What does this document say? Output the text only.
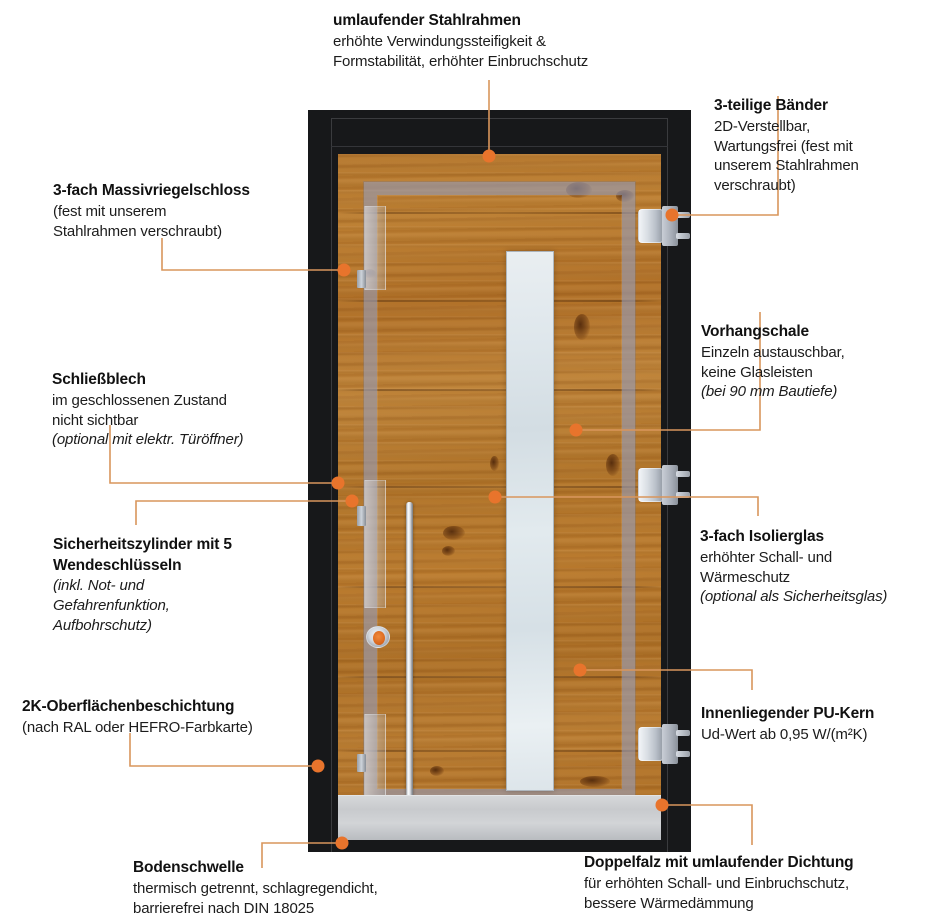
umlaufender Stahlrahmen
erhöhte Verwindungssteifigkeit &
Formstabilität, erhöhter Einbruchschutz
3-teilige Bänder
2D-Verstellbar,
Wartungsfrei (fest mit
unserem Stahlrahmen
verschraubt)
3-fach Massivriegelschloss
(fest mit unserem
Stahlrahmen verschraubt)
Schließblech
im geschlossenen Zustand
nicht sichtbar
(optional mit elektr. Türöffner)
Sicherheitszylinder mit 5
Wendeschlüsseln
(inkl. Not- und
Gefahrenfunktion,
Aufbohrschutz)
2K-Oberflächenbeschichtung
(nach RAL oder HEFRO-Farbkarte)
Vorhangschale
Einzeln austauschbar,
keine Glasleisten
(bei 90 mm Bautiefe)
3-fach Isolierglas
erhöhter Schall- und
Wärmeschutz
(optional als Sicherheitsglas)
Innenliegender PU-Kern
Ud-Wert ab 0,95 W/(m²K)
Bodenschwelle
thermisch getrennt, schlagregendicht,
barrierefrei nach DIN 18025
Doppelfalz mit umlaufender Dichtung
für erhöhten Schall- und Einbruchschutz,
bessere Wärmedämmung
